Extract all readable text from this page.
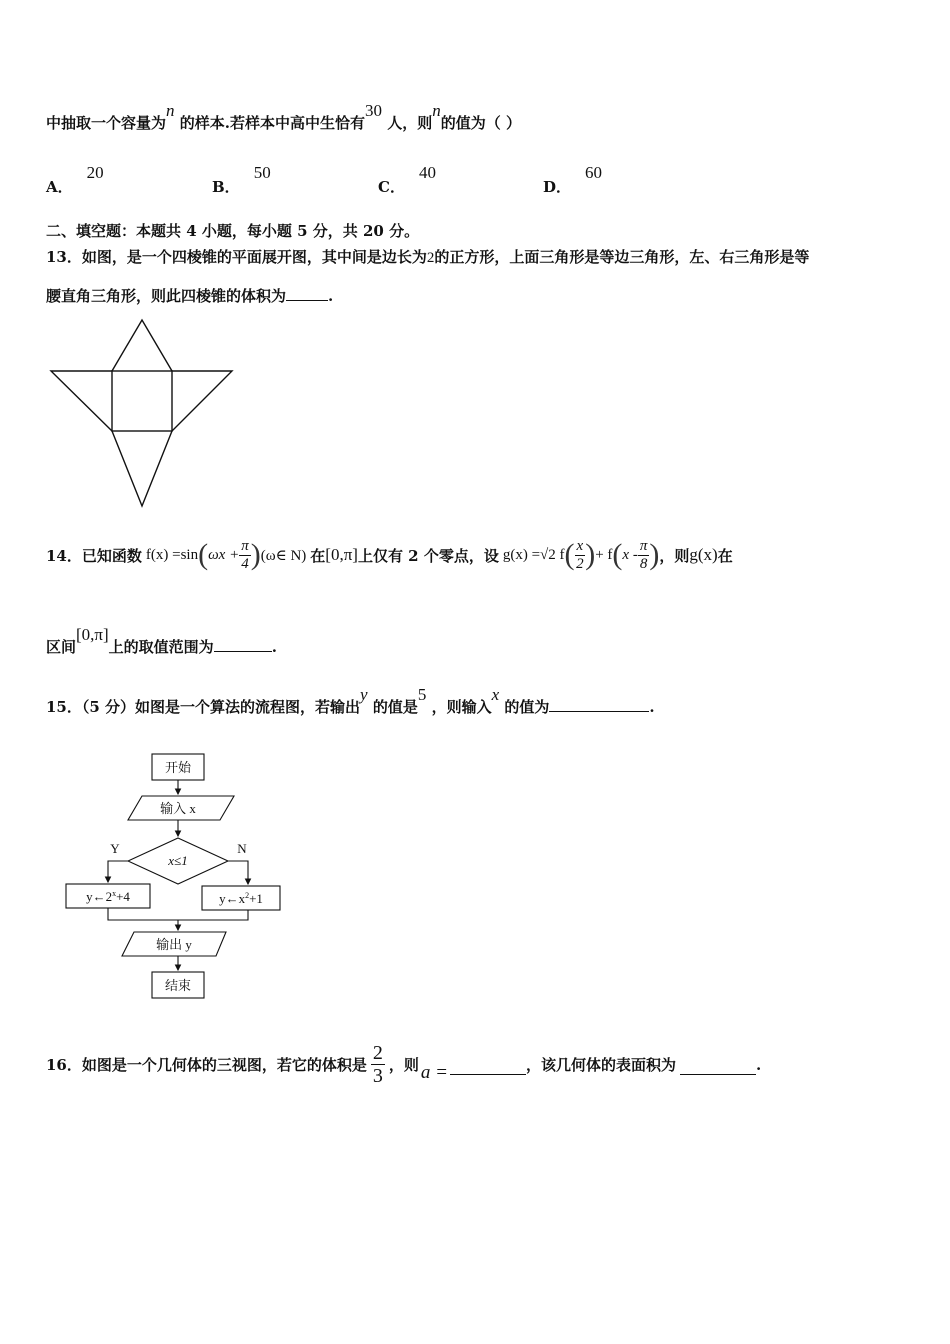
中抽取一个容量为n 的样本.若样本中高中生恰有30 人，则n的值为（ ）
A．20
B．50
C．40
D．60
二、填空题：本题共 4 小题，每小题 5 分，共 20 分。
13．如图，是一个四棱锥的平面展开图，其中间是边长为2的正方形，上面三角形是等边三角形，左、右三角形是等
腰直角三角形，则此四棱锥的体积为	.
14．已知函数 f(x) =sin ( $\omega x + \frac{\pi}{4}$ ) (ω∈ N) 在 [0,π] 上仅有 2 个零点，设 g(x) =√2 f ( $\frac{x}{2}$ ) + f ( x - $\frac{\pi}{8}$ ) ，则 g(x) 在
区间[0,π]上的取值范围为	.
15．（5 分）如图是一个算法的流程图，若输出y 的值是5 ，则输入x 的值为	.
开始
输入 x
x≤1
Y	N
$y\leftarrow 2^x+4$	$y\leftarrow x^2+1$
输出 y
结束
16．如图是一个几何体的三视图，若它的体积是 $\frac{2}{3}$ ，则 a =	，该几何体的表面积为	.
